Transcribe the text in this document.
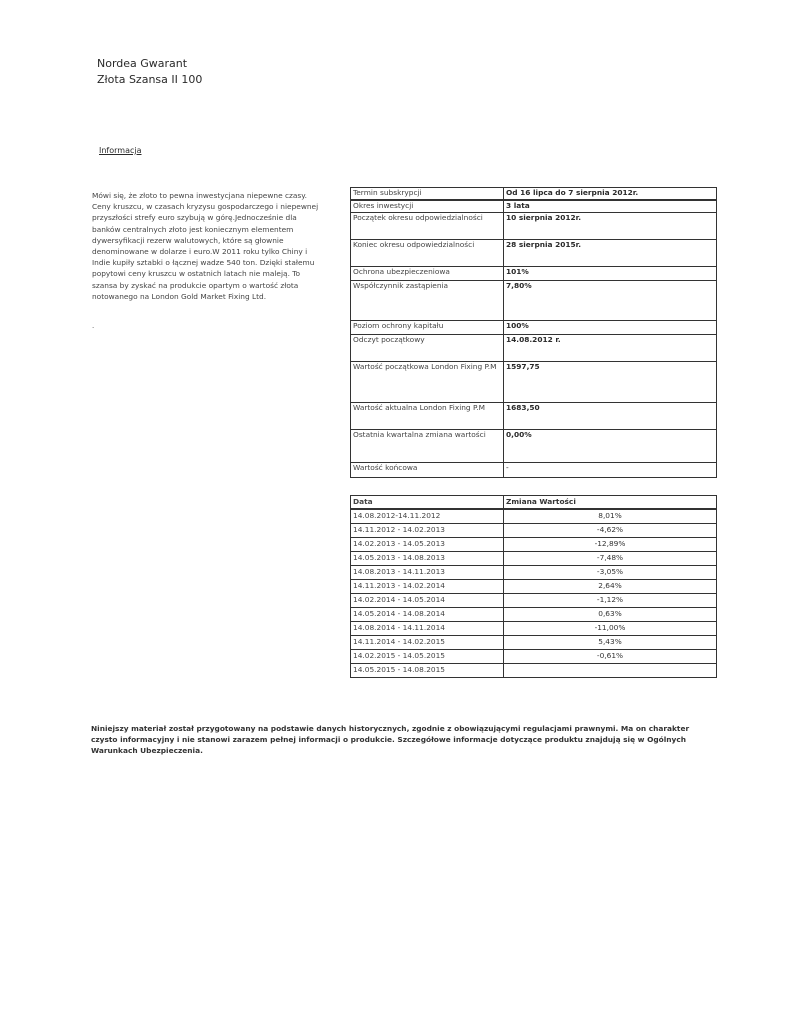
Nordea Gwarant
Złota Szansa II 100
Informacja
Mówi się, że złoto to pewna inwestycjana niepewne czasy. Ceny kruszcu, w czasach kryzysu gospodarczego i niepewnej przyszłości strefy euro szybują w górę.Jednocześnie dla banków centralnych złoto jest koniecznym elementem dywersyfikacji rezerw walutowych, które są głownie denominowane w dolarze i euro.W 2011 roku tylko Chiny i Indie kupiły sztabki o łącznej wadze 540 ton. Dzięki stałemu popytowi ceny kruszcu w ostatnich latach nie maleją. To szansa by zyskać na produkcie opartym o wartość złota notowanego na London Gold Market Fixing Ltd.
.
Termin subskrypcji	Od 16 lipca do 7 sierpnia 2012r.
Okres inwestycji	3 lata
Początek okresu odpowiedzialności	10 sierpnia 2012r.
Koniec okresu odpowiedzialności	28 sierpnia 2015r.
Ochrona ubezpieczeniowa	101%
Współczynnik zastąpienia	7,80%
Poziom ochrony kapitału	100%
Odczyt początkowy	14.08.2012 r.
Wartość początkowa London Fixing P.M	1597,75
Wartość aktualna London Fixing P.M	1683,50
Ostatnia kwartalna zmiana wartości	0,00%
Wartość końcowa	-
Data	Zmiana Wartości
14.08.2012-14.11.2012	8,01%
14.11.2012 - 14.02.2013	-4,62%
14.02.2013 - 14.05.2013	-12,89%
14.05.2013 - 14.08.2013	-7,48%
14.08.2013 - 14.11.2013	-3,05%
14.11.2013 - 14.02.2014	2,64%
14.02.2014 - 14.05.2014	-1,12%
14.05.2014 - 14.08.2014	0,63%
14.08.2014 - 14.11.2014	-11,00%
14.11.2014 - 14.02.2015	5,43%
14.02.2015 - 14.05.2015	-0,61%
14.05.2015 - 14.08.2015	
Niniejszy materiał został przygotowany na podstawie danych historycznych, zgodnie z obowiązującymi regulacjami prawnymi. Ma on charakter czysto informacyjny i nie stanowi zarazem pełnej informacji o produkcie. Szczegółowe informacje dotyczące produktu znajdują się w Ogólnych Warunkach Ubezpieczenia.
